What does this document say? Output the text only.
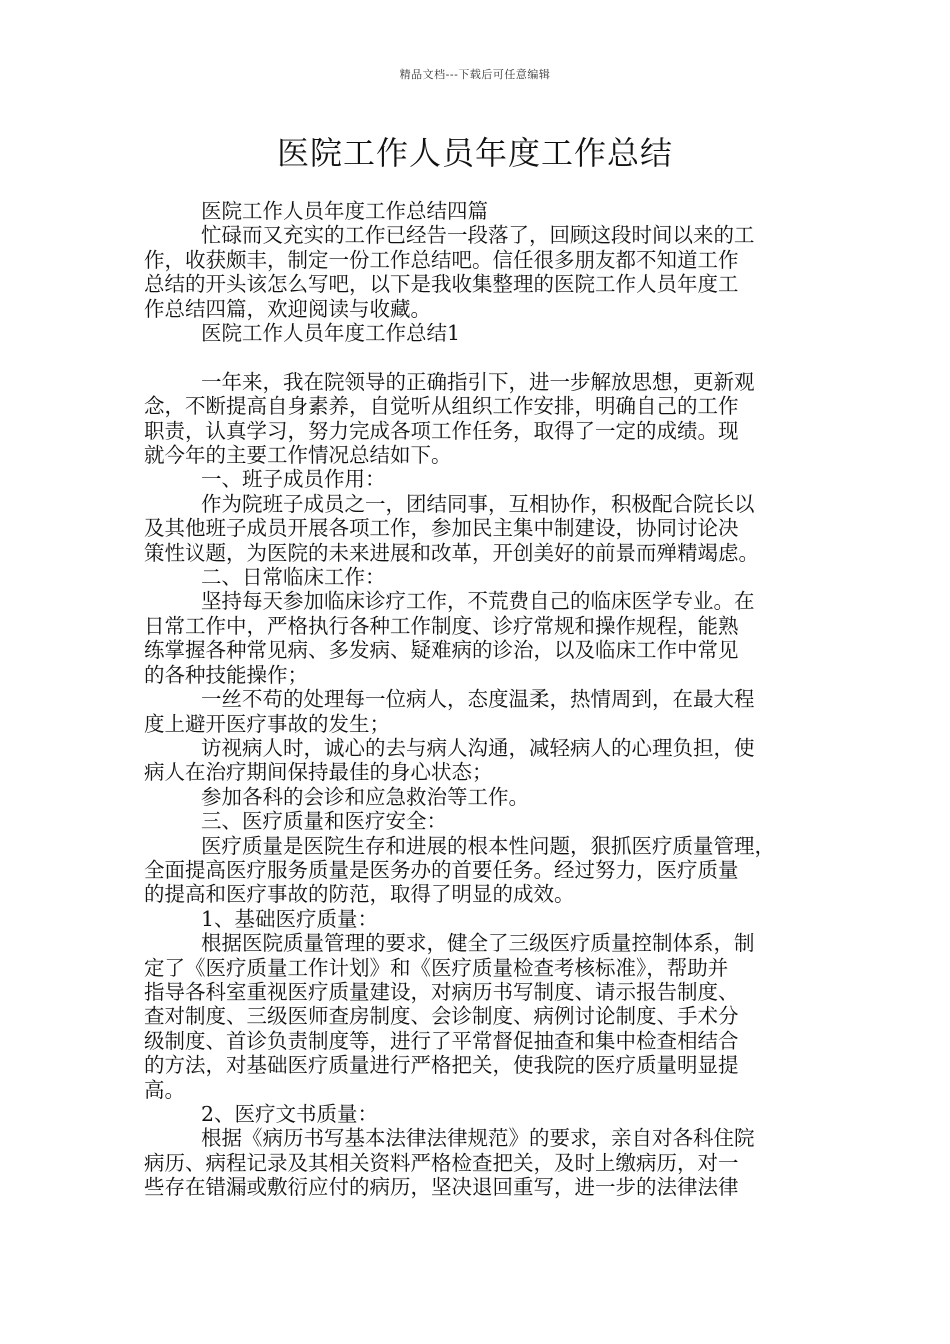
精品文档---下载后可任意编辑
医院工作人员年度工作总结

医院工作人员年度工作总结四篇

忙碌而又充实的工作已经告一段落了，回顾这段时间以来的工

作，收获颇丰，制定一份工作总结吧。信任很多朋友都不知道工作

总结的开头该怎么写吧，以下是我收集整理的医院工作人员年度工

作总结四篇，欢迎阅读与收藏。

医院工作人员年度工作总结1

一年来，我在院领导的正确指引下，进一步解放思想，更新观

念，不断提高自身素养，自觉听从组织工作安排，明确自己的工作

职责，认真学习，努力完成各项工作任务，取得了一定的成绩。现

就今年的主要工作情况总结如下。

一、班子成员作用：

作为院班子成员之一，团结同事，互相协作，积极配合院长以

及其他班子成员开展各项工作，参加民主集中制建设，协同讨论决

策性议题，为医院的未来进展和改革，开创美好的前景而殚精竭虑。

二、日常临床工作：

坚持每天参加临床诊疗工作，不荒费自己的临床医学专业。在

日常工作中，严格执行各种工作制度、诊疗常规和操作规程，能熟

练掌握各种常见病、多发病、疑难病的诊治，以及临床工作中常见

的各种技能操作；

一丝不苟的处理每一位病人，态度温柔，热情周到，在最大程

度上避开医疗事故的发生；

访视病人时，诚心的去与病人沟通，减轻病人的心理负担，使

病人在治疗期间保持最佳的身心状态；

参加各科的会诊和应急救治等工作。

三、医疗质量和医疗安全：

医疗质量是医院生存和进展的根本性问题，狠抓医疗质量管理，

全面提高医疗服务质量是医务办的首要任务。经过努力，医疗质量

的提高和医疗事故的防范，取得了明显的成效。

1、基础医疗质量：

根据医院质量管理的要求，健全了三级医疗质量控制体系，制

定了《医疗质量工作计划》和《医疗质量检查考核标准》，帮助并

指导各科室重视医疗质量建设，对病历书写制度、请示报告制度、

查对制度、三级医师查房制度、会诊制度、病例讨论制度、手术分

级制度、首诊负责制度等，进行了平常督促抽查和集中检查相结合

的方法，对基础医疗质量进行严格把关，使我院的医疗质量明显提

高。

2、医疗文书质量：

根据《病历书写基本法律法律规范》的要求，亲自对各科住院

病历、病程记录及其相关资料严格检查把关，及时上缴病历，对一

些存在错漏或敷衍应付的病历，坚决退回重写，进一步的法律法律
